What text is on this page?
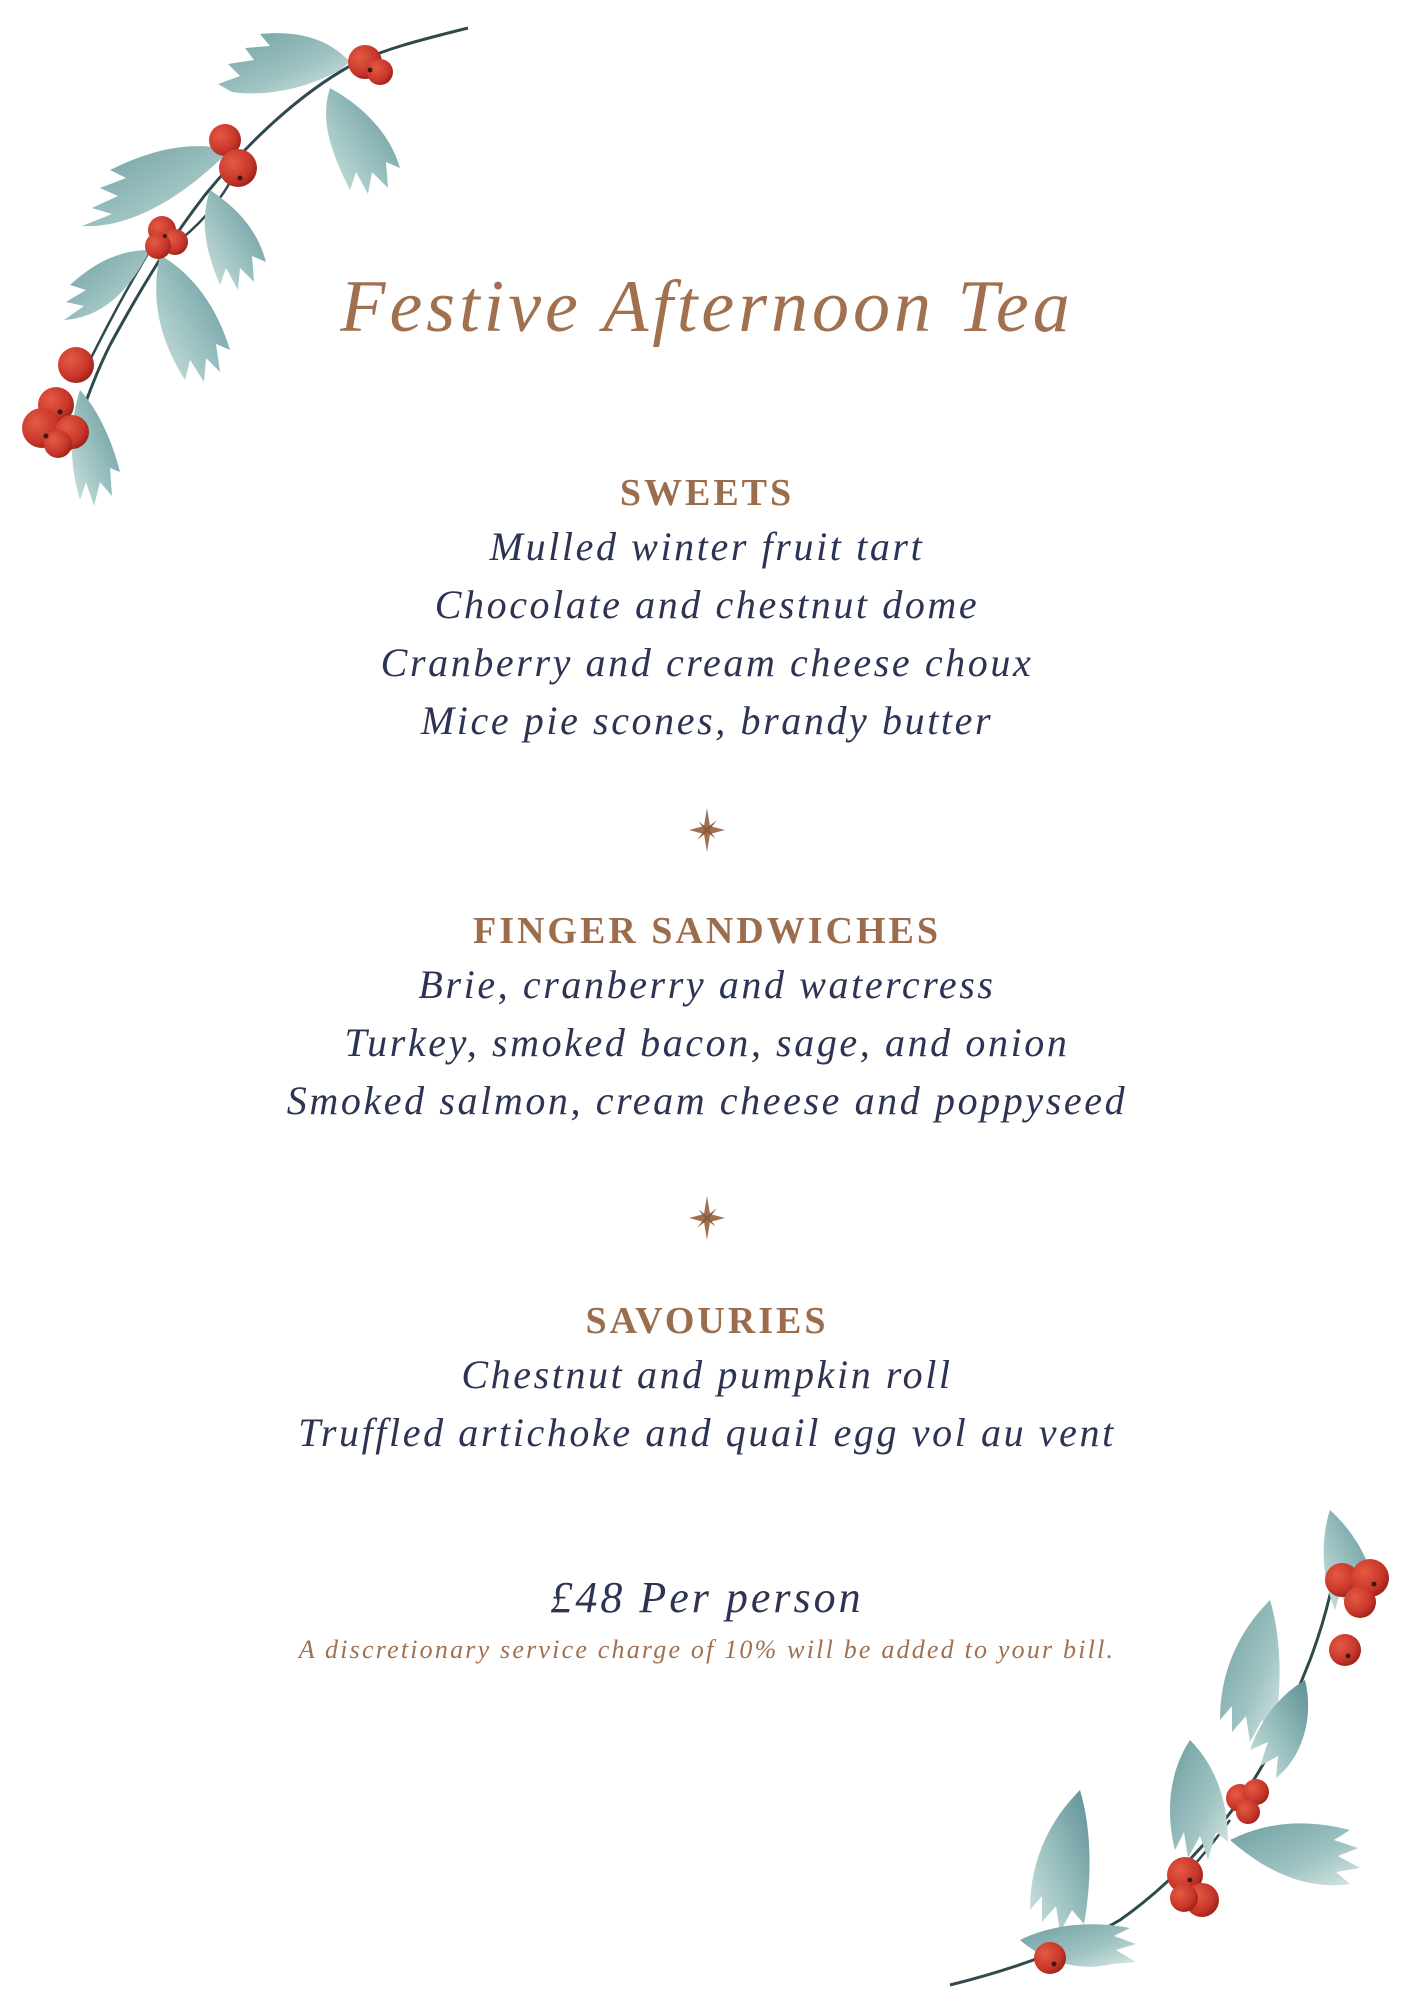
Festive Afternoon Tea

SWEETS

Mulled winter fruit tart

Chocolate and chestnut dome

Cranberry and cream cheese choux

Mice pie scones, brandy butter

FINGER SANDWICHES

Brie, cranberry and watercress

Turkey, smoked bacon, sage, and onion

Smoked salmon, cream cheese and poppyseed

SAVOURIES

Chestnut and pumpkin roll

Truffled artichoke and quail egg vol au vent

£48 Per person
A discretionary service charge of 10% will be added to your bill.
